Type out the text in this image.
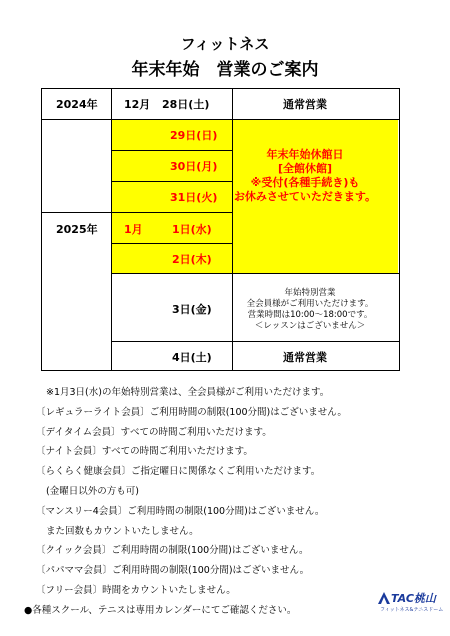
フィットネス
年末年始　営業のご案内
2024年
2025年
12月
1月
28日(土)
29日(日)
30日(月)
31日(火)
1日(水)
2日(木)
3日(金)
4日(土)
通常営業
通常営業
年末年始休館日
[全館休館]
※受付(各種手続き)も
お休みさせていただきます。
年始特別営業
全会員様がご利用いただけます。
営業時間は10:00～18:00です。
＜レッスンはございません＞
※1月3日(水)の年始特別営業は、全会員様がご利用いただけます。
〔レギュラーライト会員〕ご利用時間の制限(100分間)はございません。
〔デイタイム会員〕すべての時間ご利用いただけます。
〔ナイト会員〕すべての時間ご利用いただけます。
〔らくらく健康会員〕ご指定曜日に関係なくご利用いただけます。
(金曜日以外の方も可)
〔マンスリー4会員〕ご利用時間の制限(100分間)はございません。
また回数もカウントいたしません。
〔クイック会員〕ご利用時間の制限(100分間)はございません。
〔パパママ会員〕ご利用時間の制限(100分間)はございません。
〔フリー会員〕時間をカウントいたしません。
●各種スクール、テニスは専用カレンダーにてご確認ください。
TAC桃山
フィットネス&テニスドーム
